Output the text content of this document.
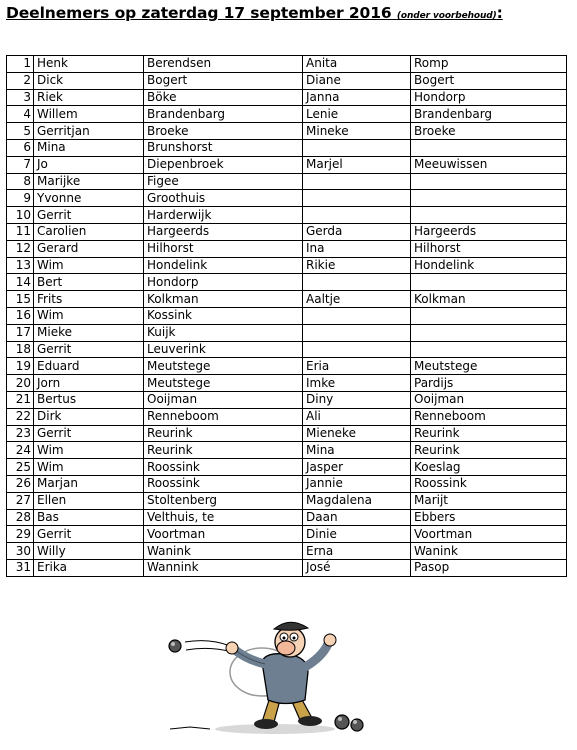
Deelnemers op zaterdag 17 september 2016 (onder voorbehoud):
1	Henk	Berendsen	Anita	Romp
2	Dick	Bogert	Diane	Bogert
3	Riek	Böke	Janna	Hondorp
4	Willem	Brandenbarg	Lenie	Brandenbarg
5	Gerritjan	Broeke	Mineke	Broeke
6	Mina	Brunshorst		
7	Jo	Diepenbroek	Marjel	Meeuwissen
8	Marijke	Figee		
9	Yvonne	Groothuis		
10	Gerrit	Harderwijk		
11	Carolien	Hargeerds	Gerda	Hargeerds
12	Gerard	Hilhorst	Ina	Hilhorst
13	Wim	Hondelink	Rikie	Hondelink
14	Bert	Hondorp		
15	Frits	Kolkman	Aaltje	Kolkman
16	Wim	Kossink		
17	Mieke	Kuijk		
18	Gerrit	Leuverink		
19	Eduard	Meutstege	Eria	Meutstege
20	Jorn	Meutstege	Imke	Pardijs
21	Bertus	Ooijman	Diny	Ooijman
22	Dirk	Renneboom	Ali	Renneboom
23	Gerrit	Reurink	Mieneke	Reurink
24	Wim	Reurink	Mina	Reurink
25	Wim	Roossink	Jasper	Koeslag
26	Marjan	Roossink	Jannie	Roossink
27	Ellen	Stoltenberg	Magdalena	Marijt
28	Bas	Velthuis, te	Daan	Ebbers
29	Gerrit	Voortman	Dinie	Voortman
30	Willy	Wanink	Erna	Wanink
31	Erika	Wannink	José	Pasop
